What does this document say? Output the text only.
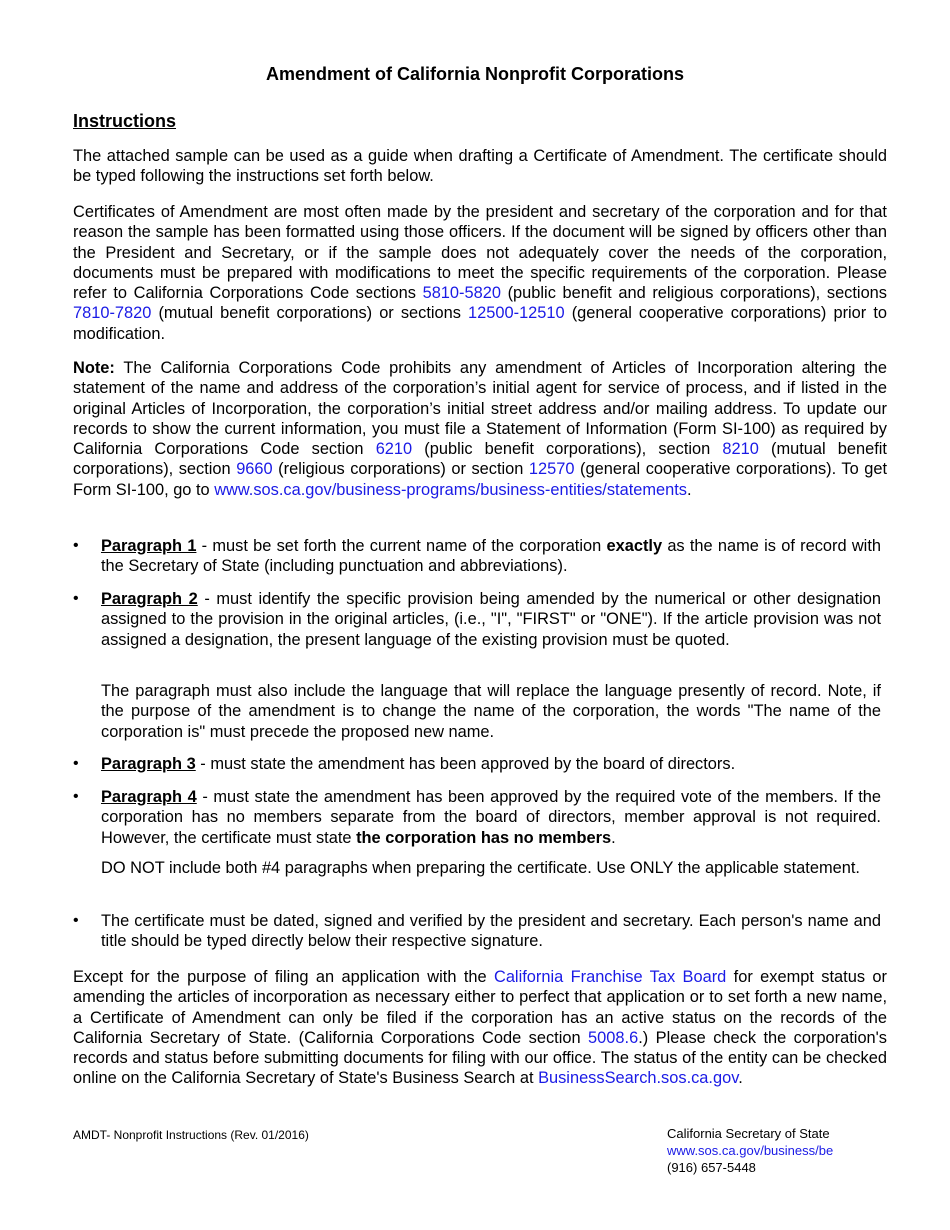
Amendment of California Nonprofit Corporations
Instructions

The attached sample can be used as a guide when drafting a Certificate of Amendment. The certificate should be typed following the instructions set forth below.

Certificates of Amendment are most often made by the president and secretary of the corporation and for that reason the sample has been formatted using those officers. If the document will be signed by officers other than the President and Secretary, or if the sample does not adequately cover the needs of the corporation, documents must be prepared with modifications to meet the specific requirements of the corporation. Please refer to California Corporations Code sections 5810-5820 (public benefit and religious corporations), sections 7810-7820 (mutual benefit corporations) or sections 12500-12510 (general cooperative corporations) prior to modification.

Note: The California Corporations Code prohibits any amendment of Articles of Incorporation altering the statement of the name and address of the corporation’s initial agent for service of process, and if listed in the original Articles of Incorporation, the corporation’s initial street address and/or mailing address. To update our records to show the current information, you must file a Statement of Information (Form SI-100) as required by California Corporations Code section 6210 (public benefit corporations), section 8210 (mutual benefit corporations), section 9660 (religious corporations) or section 12570 (general cooperative corporations). To get Form SI-100, go to www.sos.ca.gov/business-programs/business-entities/statements.

• Paragraph 1 - must be set forth the current name of the corporation exactly as the name is of record with the Secretary of State (including punctuation and abbreviations).
• Paragraph 2 - must identify the specific provision being amended by the numerical or other designation assigned to the provision in the original articles, (i.e., "I", "FIRST" or "ONE"). If the article provision was not assigned a designation, the present language of the existing provision must be quoted.

The paragraph must also include the language that will replace the language presently of record. Note, if the purpose of the amendment is to change the name of the corporation, the words "The name of the corporation is" must precede the proposed new name.

• Paragraph 3 - must state the amendment has been approved by the board of directors.
• Paragraph 4 - must state the amendment has been approved by the required vote of the members. If the corporation has no members separate from the board of directors, member approval is not required. However, the certificate must state the corporation has no members.

DO NOT include both #4 paragraphs when preparing the certificate. Use ONLY the applicable statement.

• The certificate must be dated, signed and verified by the president and secretary. Each person's name and title should be typed directly below their respective signature.

Except for the purpose of filing an application with the California Franchise Tax Board for exempt status or amending the articles of incorporation as necessary either to perfect that application or to set forth a new name, a Certificate of Amendment can only be filed if the corporation has an active status on the records of the California Secretary of State. (California Corporations Code section 5008.6.) Please check the corporation's records and status before submitting documents for filing with our office. The status of the entity can be checked online on the California Secretary of State's Business Search at BusinessSearch.sos.ca.gov.

AMDT- Nonprofit Instructions (Rev. 01/2016)	California Secretary of State
www.sos.ca.gov/business/be
(916) 657-5448
